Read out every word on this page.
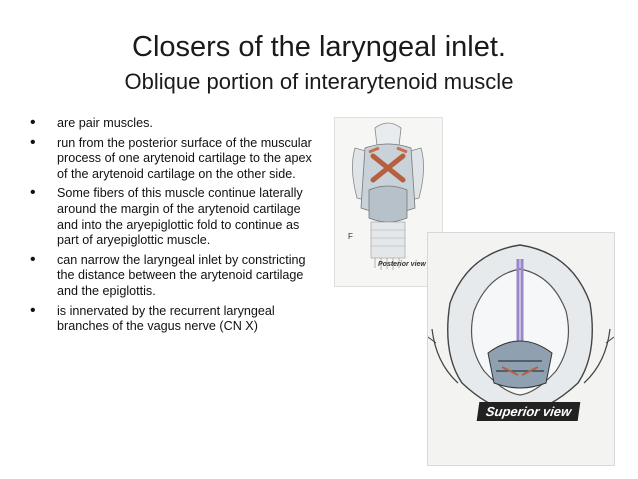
Closers of the laryngeal inlet.
Oblique portion of interarytenoid muscle
• are pair muscles.
• run from the posterior surface of the muscular process of one arytenoid cartilage to the apex of the arytenoid cartilage on the other side.
• Some fibers of this muscle continue laterally around the margin of the arytenoid cartilage and into the aryepiglottic fold to continue as part of aryepiglottic muscle.
• can narrow the laryngeal inlet by constricting the distance between the arytenoid cartilage and the epiglottis.
• is innervated by the recurrent laryngeal branches of the vagus nerve (CN X)
F
Posterior view
Superior view
